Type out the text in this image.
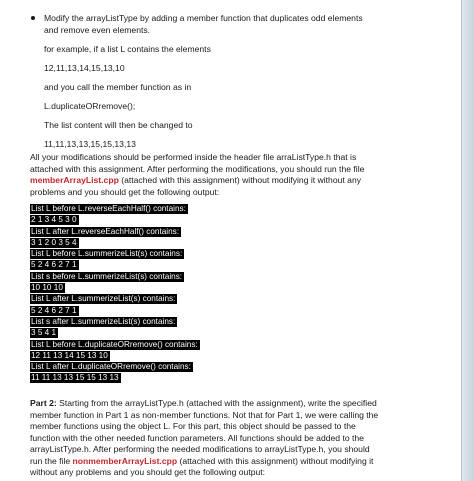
Modify the arrayListType by adding a member function that duplicates odd elements

and remove even elements.

for example, if a list L contains the elements

12,11,13,14,15,13,10

and you call the member function as in

L.duplicateORremove();

The list content will then be changed to

11,11,13,13,15,15,13,13

All your modifications should be performed inside the header file arraListType.h that is
attached with this assignment. After performing the modifications, you should run the file
memberArrayList.cpp (attached with this assignment) without modifying it without any
problems and you should get the following output:
List L before L.reverseEachHalf() contains:
2 1 3 4 5 3 0
List L after L.reverseEachHalf() contains:
3 1 2 0 3 5 4
List L before L.summerizeList(s) contains:
5 2 4 6 2 7 1
List s before L.summerizeList(s) contains:
10 10 10
List L after L.summerizeList(s) contains:
5 2 4 6 2 7 1
List s after L.summerizeList(s) contains:
3 5 4 1
List L before L.duplicateORremove() contains:
12 11 13 14 15 13 10
List L after L.duplicateORremove() contains:
11 11 13 13 15 15 13 13
Part 2: Starting from the arrayListType.h (attached with the assignment), write the specified
member function in Part 1 as non-member functions. Not that for Part 1, we were calling the
member functions using the object L. For this part, this object should be passed to the
function with the other needed function parameters. All functions should be added to the
arrayListType.h. After performing the needed modifications to arrayListType.h, you should
run the file nonmemberArrayList.cpp (attached with this assignment) without modifying it
without any problems and you should get the following output:
